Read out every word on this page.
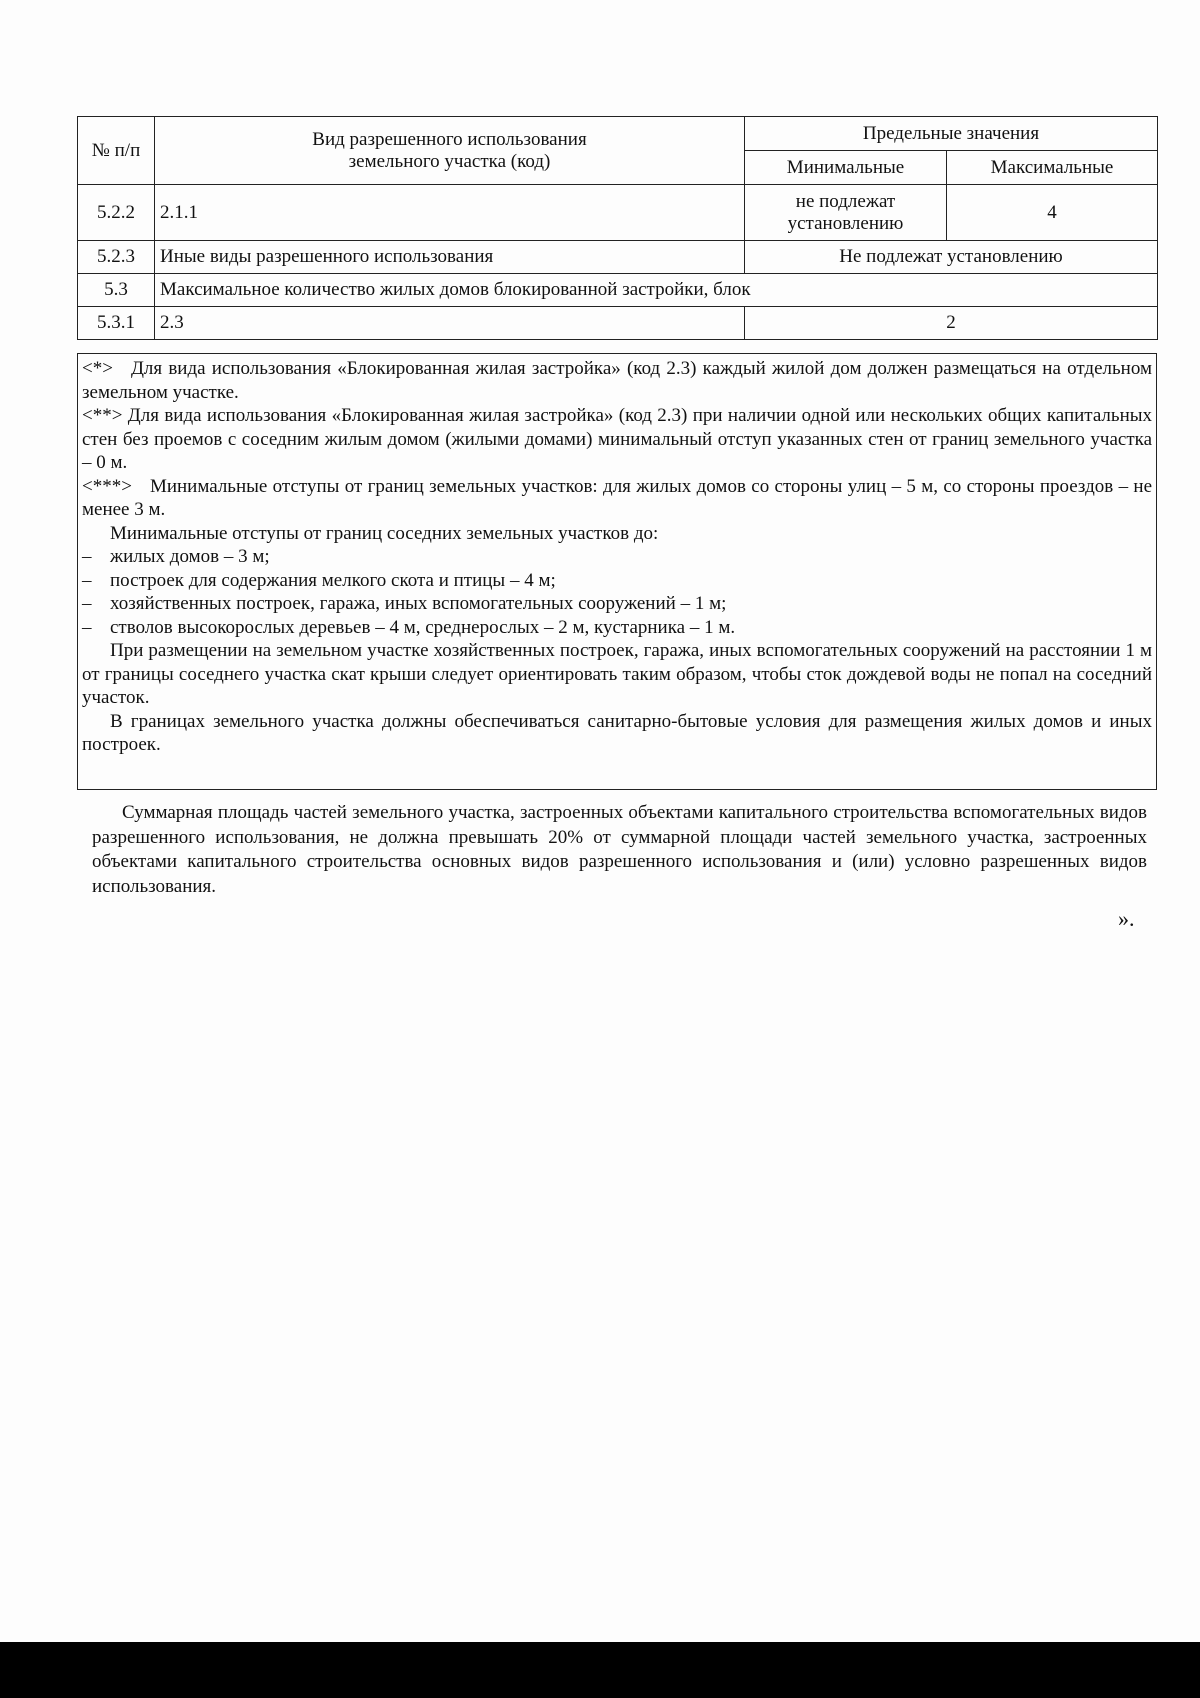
№ п/п	Вид разрешенного использования земельного участка (код)	Предельные значения	
		Минимальные	Максимальные
5.2.2	2.1.1	не подлежат установлению	4
5.2.3	Иные виды разрешенного использования	Не подлежат установлению	
5.3	Максимальное количество жилых домов блокированной застройки, блок		
5.3.1	2.3	2	

<*> Для вида использования «Блокированная жилая застройка» (код 2.3) каждый жилой дом должен размещаться на отдельном земельном участке.

<**> Для вида использования «Блокированная жилая застройка» (код 2.3) при наличии одной или нескольких общих капитальных стен без проемов с соседним жилым домом (жилыми домами) минимальный отступ указанных стен от границ земельного участка – 0 м.

<***> Минимальные отступы от границ земельных участков: для жилых домов со стороны улиц – 5 м, со стороны проездов – не менее 3 м.

Минимальные отступы от границ соседних земельных участков до:

– жилых домов – 3 м;

– построек для содержания мелкого скота и птицы – 4 м;

– хозяйственных построек, гаража, иных вспомогательных сооружений – 1 м;

– стволов высокорослых деревьев – 4 м, среднерослых – 2 м, кустарника – 1 м.

При размещении на земельном участке хозяйственных построек, гаража, иных вспомогательных сооружений на расстоянии 1 м от границы соседнего участка скат крыши следует ориентировать таким образом, чтобы сток дождевой воды не попал на соседний участок.

В границах земельного участка должны обеспечиваться санитарно-бытовые условия для размещения жилых домов и иных построек.

Суммарная площадь частей земельного участка, застроенных объектами капитального строительства вспомогательных видов разрешенного использования, не должна превышать 20% от суммарной площади частей земельного участка, застроенных объектами капитального строительства основных видов разрешенного использования и (или) условно разрешенных видов использования.

».
